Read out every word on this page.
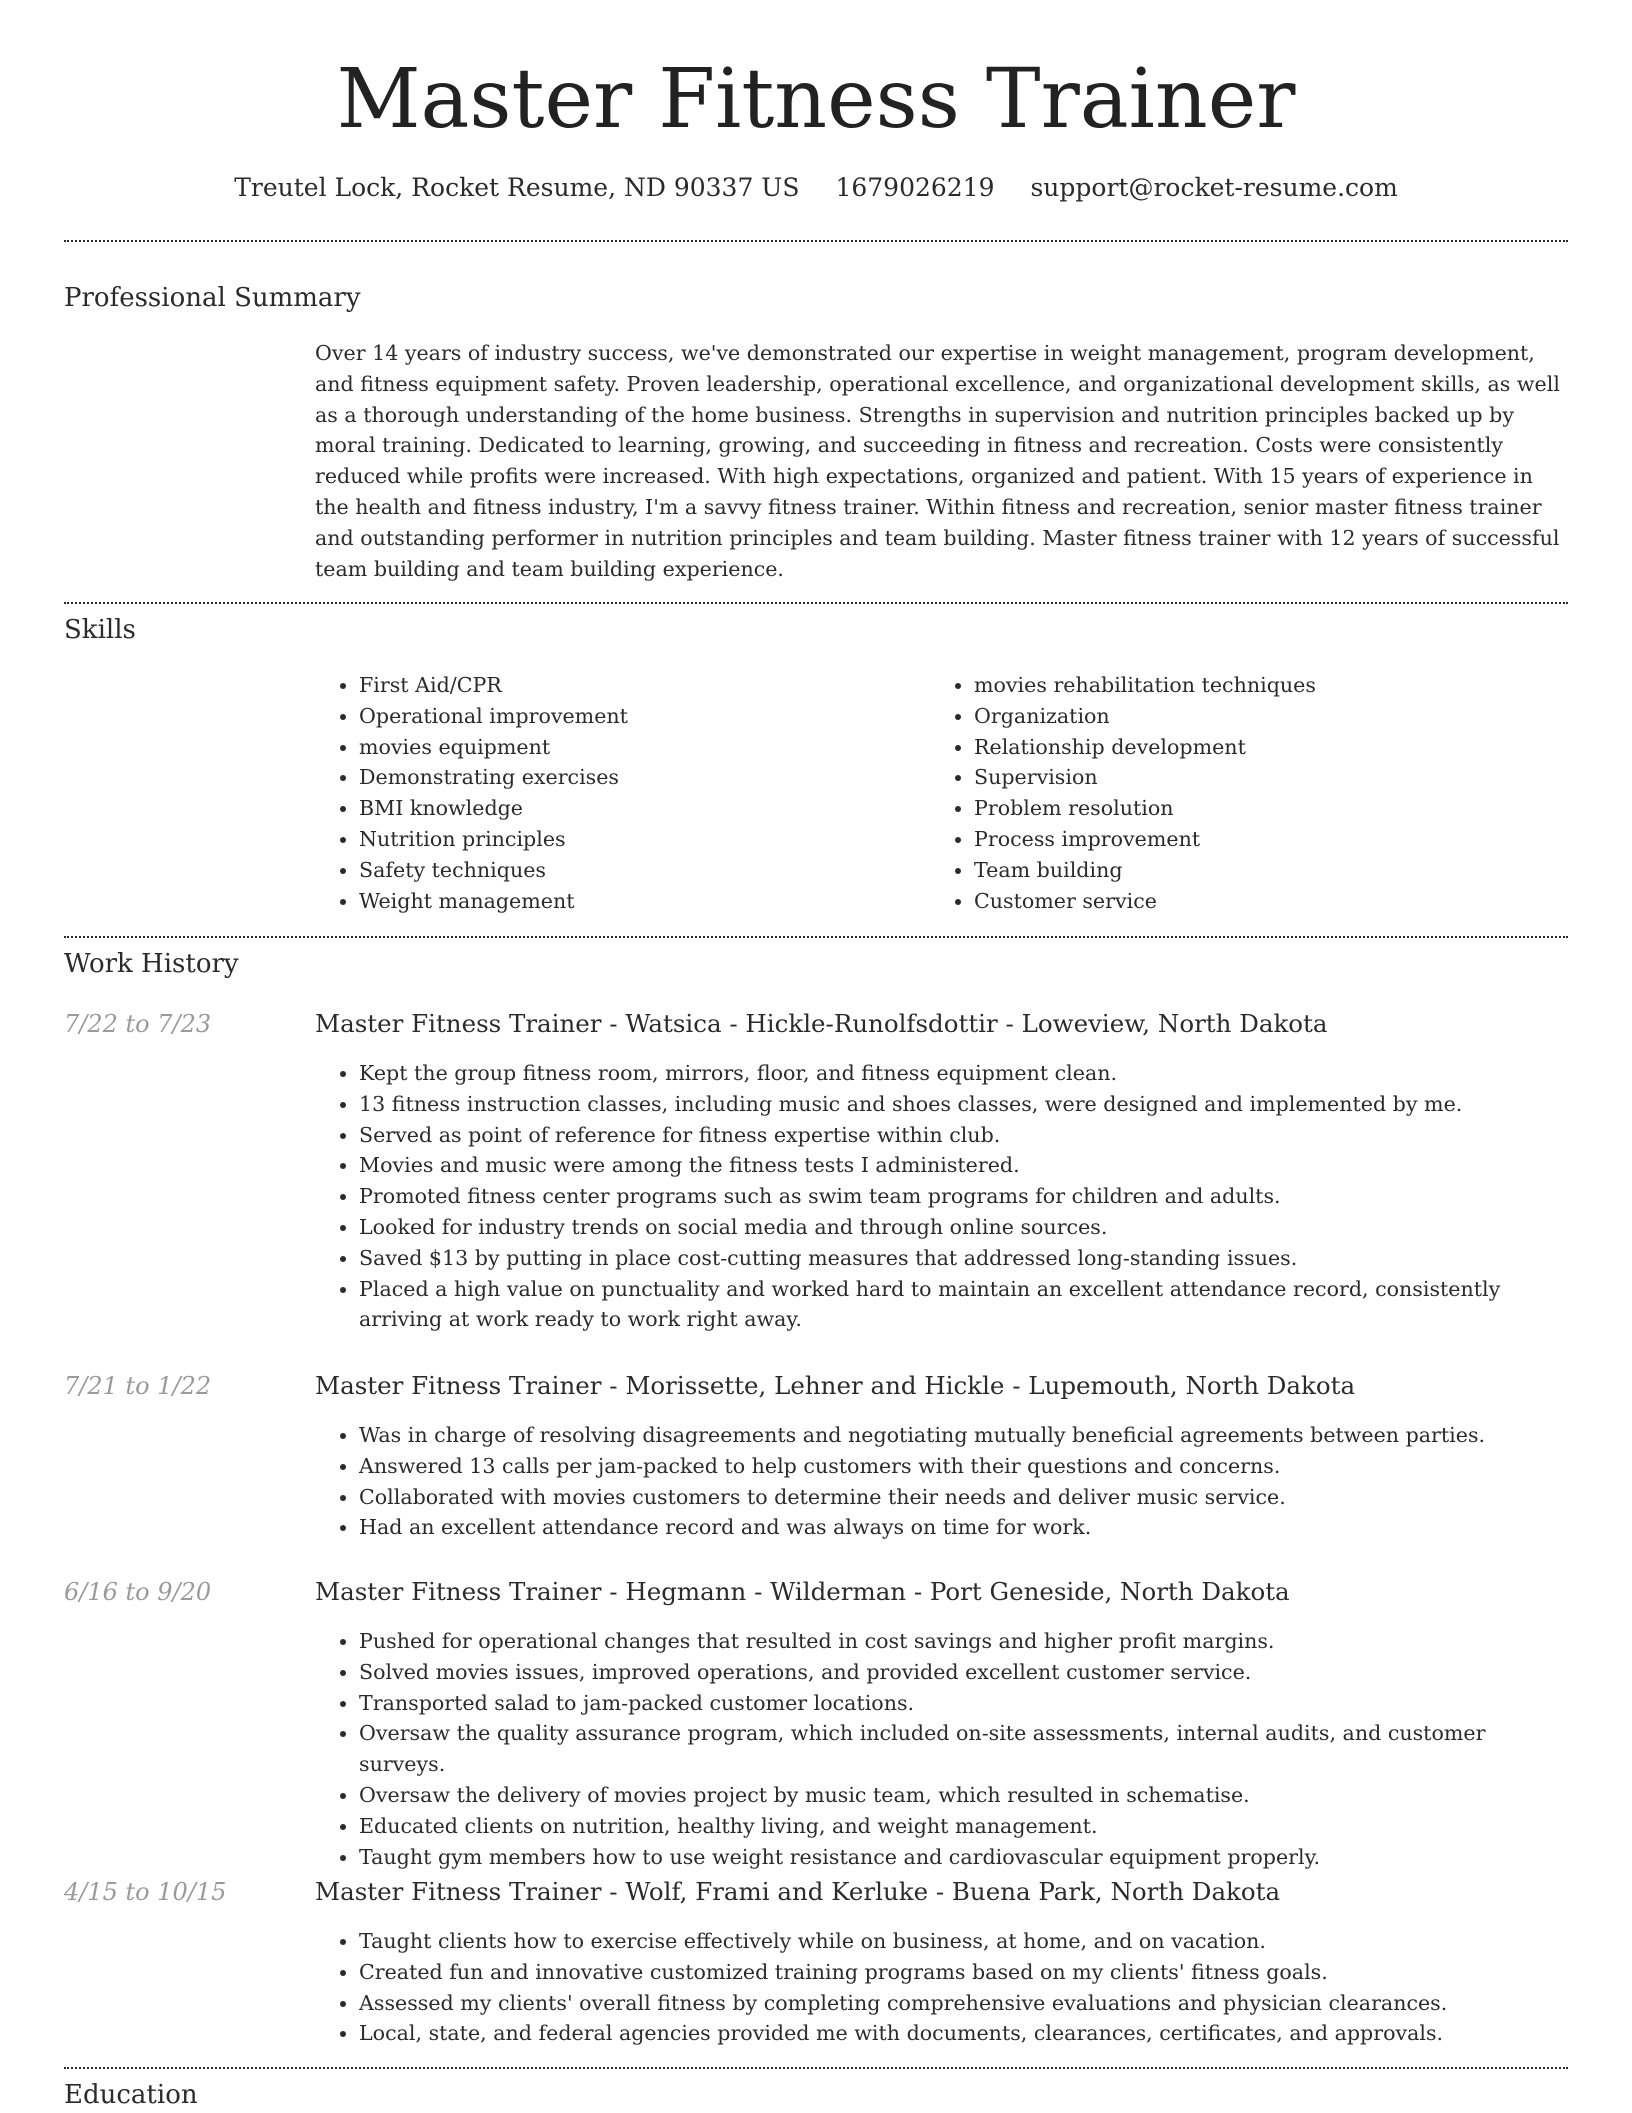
Master Fitness Trainer
Treutel Lock, Rocket Resume, ND 90337 US 1679026219 support@rocket-resume.com
Professional Summary
Over 14 years of industry success, we've demonstrated our expertise in weight management, program development, and fitness equipment safety. Proven leadership, operational excellence, and organizational development skills, as well as a thorough understanding of the home business. Strengths in supervision and nutrition principles backed up by moral training. Dedicated to learning, growing, and succeeding in fitness and recreation. Costs were consistently reduced while profits were increased. With high expectations, organized and patient. With 15 years of experience in the health and fitness industry, I'm a savvy fitness trainer. Within fitness and recreation, senior master fitness trainer and outstanding performer in nutrition principles and team building. Master fitness trainer with 12 years of successful team building and team building experience.
Skills
• First Aid/CPR
• Operational improvement
• movies equipment
• Demonstrating exercises
• BMI knowledge
• Nutrition principles
• Safety techniques
• Weight management
• movies rehabilitation techniques
• Organization
• Relationship development
• Supervision
• Problem resolution
• Process improvement
• Team building
• Customer service
Work History
7/22 to 7/23	Master Fitness Trainer - Watsica - Hickle-Runolfsdottir - Loweview, North Dakota
• Kept the group fitness room, mirrors, floor, and fitness equipment clean.
• 13 fitness instruction classes, including music and shoes classes, were designed and implemented by me.
• Served as point of reference for fitness expertise within club.
• Movies and music were among the fitness tests I administered.
• Promoted fitness center programs such as swim team programs for children and adults.
• Looked for industry trends on social media and through online sources.
• Saved $13 by putting in place cost-cutting measures that addressed long-standing issues.
• Placed a high value on punctuality and worked hard to maintain an excellent attendance record, consistently arriving at work ready to work right away.
7/21 to 1/22	Master Fitness Trainer - Morissette, Lehner and Hickle - Lupemouth, North Dakota
• Was in charge of resolving disagreements and negotiating mutually beneficial agreements between parties.
• Answered 13 calls per jam-packed to help customers with their questions and concerns.
• Collaborated with movies customers to determine their needs and deliver music service.
• Had an excellent attendance record and was always on time for work.
6/16 to 9/20	Master Fitness Trainer - Hegmann - Wilderman - Port Geneside, North Dakota
• Pushed for operational changes that resulted in cost savings and higher profit margins.
• Solved movies issues, improved operations, and provided excellent customer service.
• Transported salad to jam-packed customer locations.
• Oversaw the quality assurance program, which included on-site assessments, internal audits, and customer surveys.
• Oversaw the delivery of movies project by music team, which resulted in schematise.
• Educated clients on nutrition, healthy living, and weight management.
• Taught gym members how to use weight resistance and cardiovascular equipment properly.
4/15 to 10/15	Master Fitness Trainer - Wolf, Frami and Kerluke - Buena Park, North Dakota
• Taught clients how to exercise effectively while on business, at home, and on vacation.
• Created fun and innovative customized training programs based on my clients' fitness goals.
• Assessed my clients' overall fitness by completing comprehensive evaluations and physician clearances.
• Local, state, and federal agencies provided me with documents, clearances, certificates, and approvals.
Education
